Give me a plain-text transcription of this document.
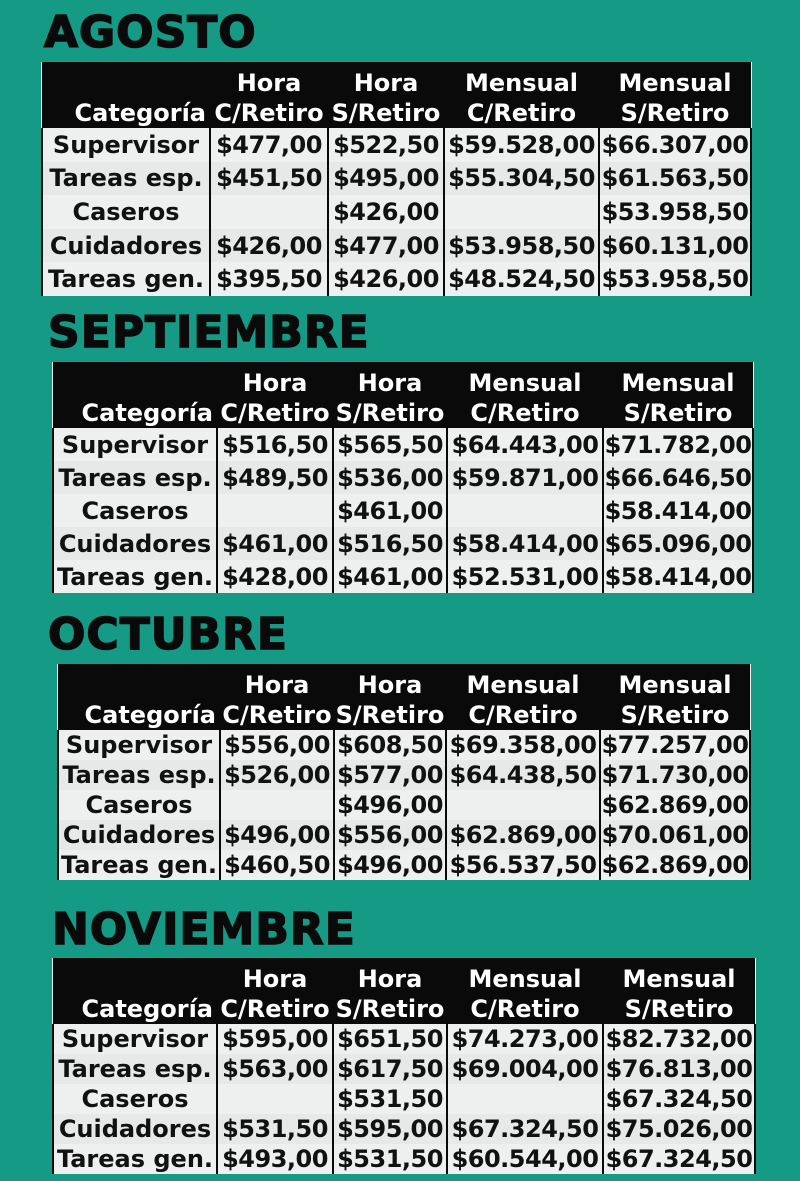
AGOSTO
	Hora	Hora	Mensual	Mensual
Categoría	C/Retiro	S/Retiro	C/Retiro	S/Retiro
Supervisor	$477,00	$522,50	$59.528,00	$66.307,00
Tareas esp.	$451,50	$495,00	$55.304,50	$61.563,50
Caseros		$426,00		$53.958,50
Cuidadores	$426,00	$477,00	$53.958,50	$60.131,00
Tareas gen.	$395,50	$426,00	$48.524,50	$53.958,50
SEPTIEMBRE
	Hora	Hora	Mensual	Mensual
Categoría	C/Retiro	S/Retiro	C/Retiro	S/Retiro
Supervisor	$516,50	$565,50	$64.443,00	$71.782,00
Tareas esp.	$489,50	$536,00	$59.871,00	$66.646,50
Caseros		$461,00		$58.414,00
Cuidadores	$461,00	$516,50	$58.414,00	$65.096,00
Tareas gen.	$428,00	$461,00	$52.531,00	$58.414,00
OCTUBRE
	Hora	Hora	Mensual	Mensual
Categoría	C/Retiro	S/Retiro	C/Retiro	S/Retiro
Supervisor	$556,00	$608,50	$69.358,00	$77.257,00
Tareas esp.	$526,00	$577,00	$64.438,50	$71.730,00
Caseros		$496,00		$62.869,00
Cuidadores	$496,00	$556,00	$62.869,00	$70.061,00
Tareas gen.	$460,50	$496,00	$56.537,50	$62.869,00
NOVIEMBRE
	Hora	Hora	Mensual	Mensual
Categoría	C/Retiro	S/Retiro	C/Retiro	S/Retiro
Supervisor	$595,00	$651,50	$74.273,00	$82.732,00
Tareas esp.	$563,00	$617,50	$69.004,00	$76.813,00
Caseros		$531,50		$67.324,50
Cuidadores	$531,50	$595,00	$67.324,50	$75.026,00
Tareas gen.	$493,00	$531,50	$60.544,00	$67.324,50
